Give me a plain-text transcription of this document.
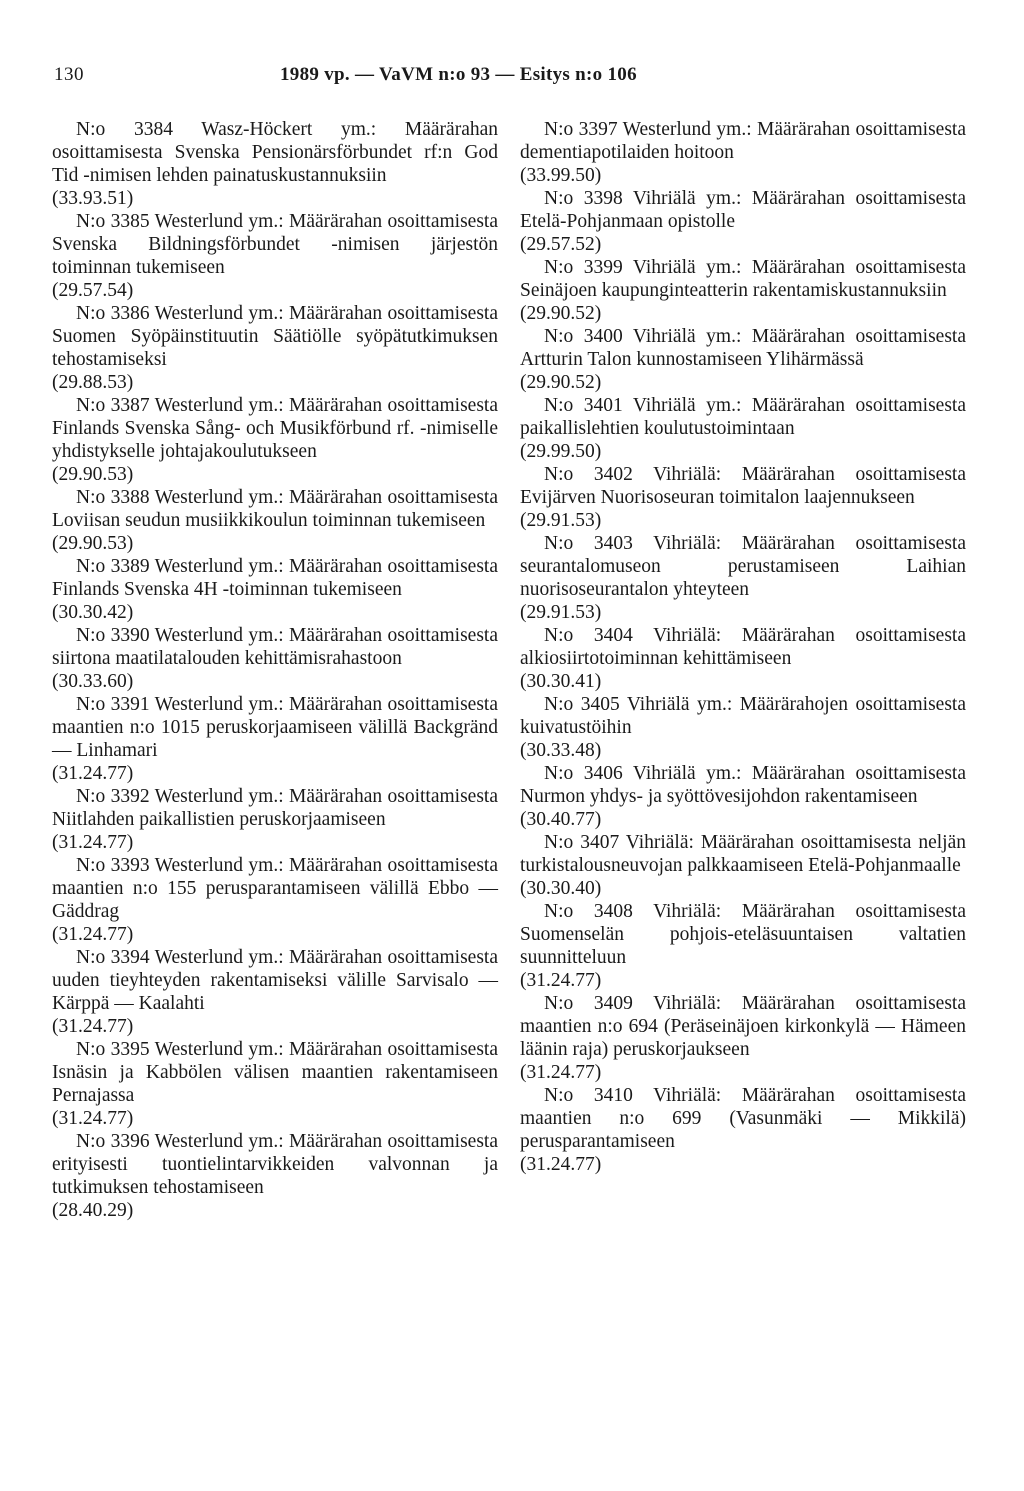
130	1989 vp. — VaVM n:o 93 — Esitys n:o 106
N:o 3384 Wasz-Höckert ym.: Määrärahan osoittamisesta Svenska Pensionärsförbundet rf:n God Tid -nimisen lehden painatuskustannuksiin
(33.93.51)
N:o 3385 Westerlund ym.: Määrärahan osoittamisesta Svenska Bildningsförbundet -nimisen järjestön toiminnan tukemiseen
(29.57.54)
N:o 3386 Westerlund ym.: Määrärahan osoittamisesta Suomen Syöpäinstituutin Säätiölle syöpätutkimuksen tehostamiseksi
(29.88.53)
N:o 3387 Westerlund ym.: Määrärahan osoittamisesta Finlands Svenska Sång- och Musikförbund rf. -nimiselle yhdistykselle johtajakoulutukseen
(29.90.53)
N:o 3388 Westerlund ym.: Määrärahan osoittamisesta Loviisan seudun musiikkikoulun toiminnan tukemiseen
(29.90.53)
N:o 3389 Westerlund ym.: Määrärahan osoittamisesta Finlands Svenska 4H -toiminnan tukemiseen
(30.30.42)
N:o 3390 Westerlund ym.: Määrärahan osoittamisesta siirtona maatilatalouden kehittämisrahastoon
(30.33.60)
N:o 3391 Westerlund ym.: Määrärahan osoittamisesta maantien n:o 1015 peruskorjaamiseen välillä Backgränd — Linhamari
(31.24.77)
N:o 3392 Westerlund ym.: Määrärahan osoittamisesta Niitlahden paikallistien peruskorjaamiseen
(31.24.77)
N:o 3393 Westerlund ym.: Määrärahan osoittamisesta maantien n:o 155 perusparantamiseen välillä Ebbo — Gäddrag
(31.24.77)
N:o 3394 Westerlund ym.: Määrärahan osoittamisesta uuden tieyhteyden rakentamiseksi välille Sarvisalo — Kärppä — Kaalahti
(31.24.77)
N:o 3395 Westerlund ym.: Määrärahan osoittamisesta Isnäsin ja Kabbölen välisen maantien rakentamiseen Pernajassa
(31.24.77)
N:o 3396 Westerlund ym.: Määrärahan osoittamisesta erityisesti tuontielintarvikkeiden valvonnan ja tutkimuksen tehostamiseen
(28.40.29)
N:o 3397 Westerlund ym.: Määrärahan osoittamisesta dementiapotilaiden hoitoon
(33.99.50)
N:o 3398 Vihriälä ym.: Määrärahan osoittamisesta Etelä-Pohjanmaan opistolle
(29.57.52)
N:o 3399 Vihriälä ym.: Määrärahan osoittamisesta Seinäjoen kaupunginteatterin rakentamiskustannuksiin
(29.90.52)
N:o 3400 Vihriälä ym.: Määrärahan osoittamisesta Artturin Talon kunnostamiseen Ylihärmässä
(29.90.52)
N:o 3401 Vihriälä ym.: Määrärahan osoittamisesta paikallislehtien koulutustoimintaan
(29.99.50)
N:o 3402 Vihriälä: Määrärahan osoittamisesta Evijärven Nuorisoseuran toimitalon laajennukseen
(29.91.53)
N:o 3403 Vihriälä: Määrärahan osoittamisesta seurantalomuseon perustamiseen Laihian nuorisoseurantalon yhteyteen
(29.91.53)
N:o 3404 Vihriälä: Määrärahan osoittamisesta alkiosiirtotoiminnan kehittämiseen
(30.30.41)
N:o 3405 Vihriälä ym.: Määrärahojen osoittamisesta kuivatustöihin
(30.33.48)
N:o 3406 Vihriälä ym.: Määrärahan osoittamisesta Nurmon yhdys- ja syöttövesijohdon rakentamiseen
(30.40.77)
N:o 3407 Vihriälä: Määrärahan osoittamisesta neljän turkistalousneuvojan palkkaamiseen Etelä-Pohjanmaalle
(30.30.40)
N:o 3408 Vihriälä: Määrärahan osoittamisesta Suomenselän pohjois-eteläsuuntaisen valtatien suunnitteluun
(31.24.77)
N:o 3409 Vihriälä: Määrärahan osoittamisesta maantien n:o 694 (Peräseinäjoen kirkonkylä — Hämeen läänin raja) peruskorjaukseen
(31.24.77)
N:o 3410 Vihriälä: Määrärahan osoittamisesta maantien n:o 699 (Vasunmäki — Mikkilä) perusparantamiseen
(31.24.77)
